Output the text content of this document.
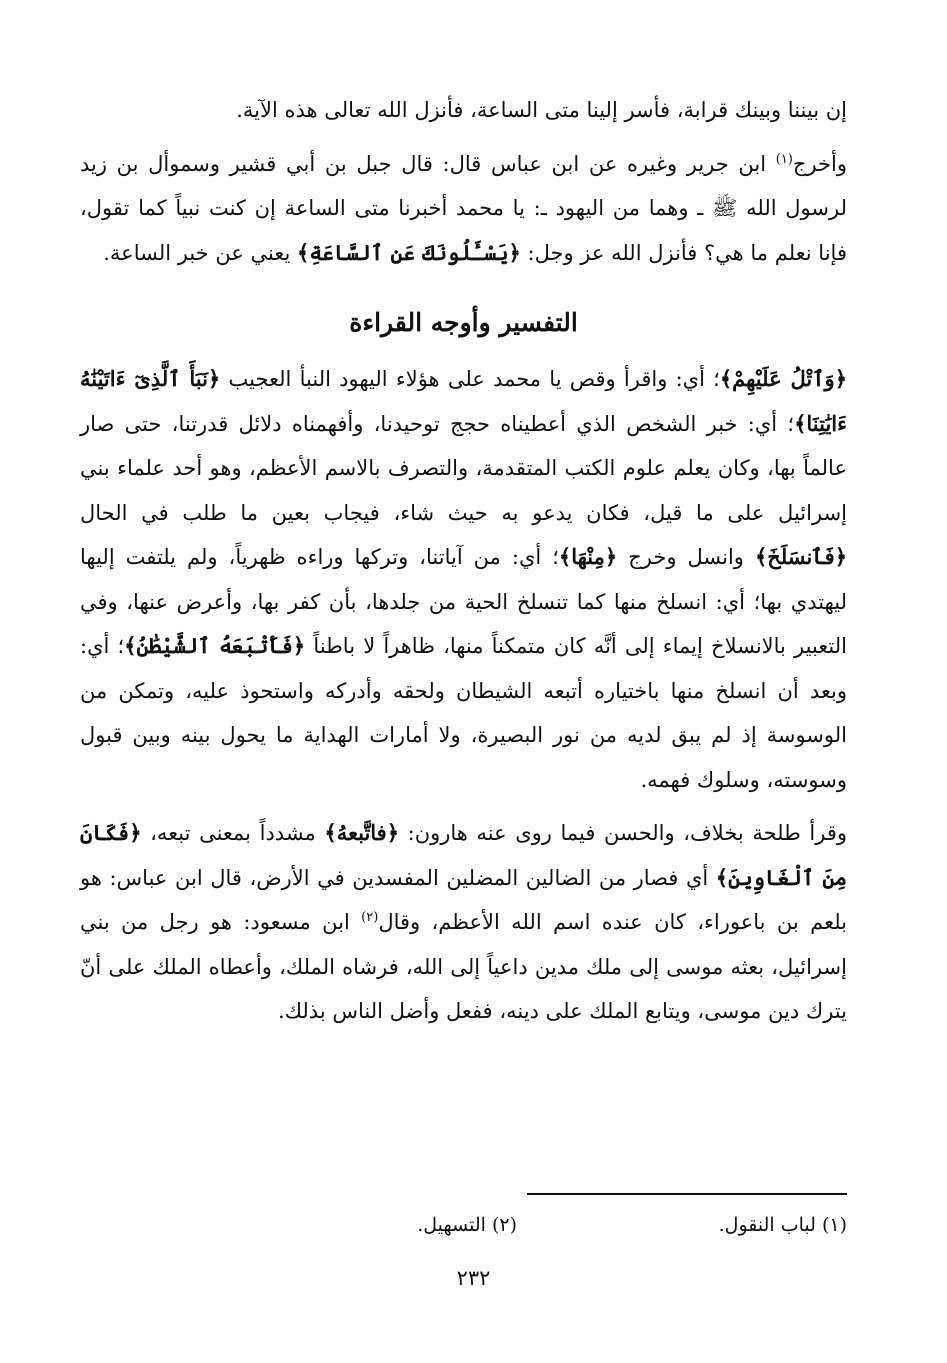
إن بيننا وبينك قرابة، فأسر إلينا متى الساعة، فأنزل الله تعالى هذه الآية.

وأخرج$^{(١)}$ ابن جرير وغيره عن ابن عباس قال: قال جبل بن أبي قشير وسموأل بن زيد لرسول الله ﷺ ـ وهما من اليهود ـ: يا محمد أخبرنا متى الساعة إن كنت نبياً كما تقول، فإنا نعلم ما هي؟ فأنزل الله عز وجل: ﴿يَسْـَٔلُونَكَ عَنِ ٱلسَّاعَةِ﴾ يعني عن خبر الساعة.

التفسير وأوجه القراءة

﴿وَٱتْلُ عَلَيْهِمْ﴾؛ أي: واقرأ وقص يا محمد على هؤلاء اليهود النبأ العجيب ﴿نَبَأَ ٱلَّذِىٓ ءَاتَيْنَٰهُ ءَايَٰتِنَا﴾؛ أي: خبر الشخص الذي أعطيناه حجج توحيدنا، وأفهمناه دلائل قدرتنا، حتى صار عالماً بها، وكان يعلم علوم الكتب المتقدمة، والتصرف بالاسم الأعظم، وهو أحد علماء بني إسرائيل على ما قيل، فكان يدعو به حيث شاء، فيجاب بعين ما طلب في الحال ﴿فَٱنسَلَخَ﴾ وانسل وخرج ﴿مِنْهَا﴾؛ أي: من آياتنا، وتركها وراءه ظهرياً، ولم يلتفت إليها ليهتدي بها؛ أي: انسلخ منها كما تنسلخ الحية من جلدها، بأن كفر بها، وأعرض عنها، وفي التعبير بالانسلاخ إيماء إلى أنَّه كان متمكناً منها، ظاهراً لا باطناً ﴿فَأَتْبَعَهُ ٱلشَّيْطَٰنُ﴾؛ أي: وبعد أن انسلخ منها باختياره أتبعه الشيطان ولحقه وأدركه واستحوذ عليه، وتمكن من الوسوسة إذ لم يبق لديه من نور البصيرة، ولا أمارات الهداية ما يحول بينه وبين قبول وسوسته، وسلوك فهمه.

وقرأ طلحة بخلاف، والحسن فيما روى عنه هارون: ﴿فاتَّبعهُ﴾ مشدداً بمعنى تبعه، ﴿فَكَانَ مِنَ ٱلْغَاوِينَ﴾ أي فصار من الضالين المضلين المفسدين في الأرض، قال ابن عباس: هو بلعم بن باعوراء، كان عنده اسم الله الأعظم، وقال$^{(٢)}$ ابن مسعود: هو رجل من بني إسرائيل، بعثه موسى إلى ملك مدين داعياً إلى الله، فرشاه الملك، وأعطاه الملك على أنّ يترك دين موسى، ويتابع الملك على دينه، ففعل وأضل الناس بذلك.

(١) لباب النقول.
(٢) التسهيل.
٢٣٢
